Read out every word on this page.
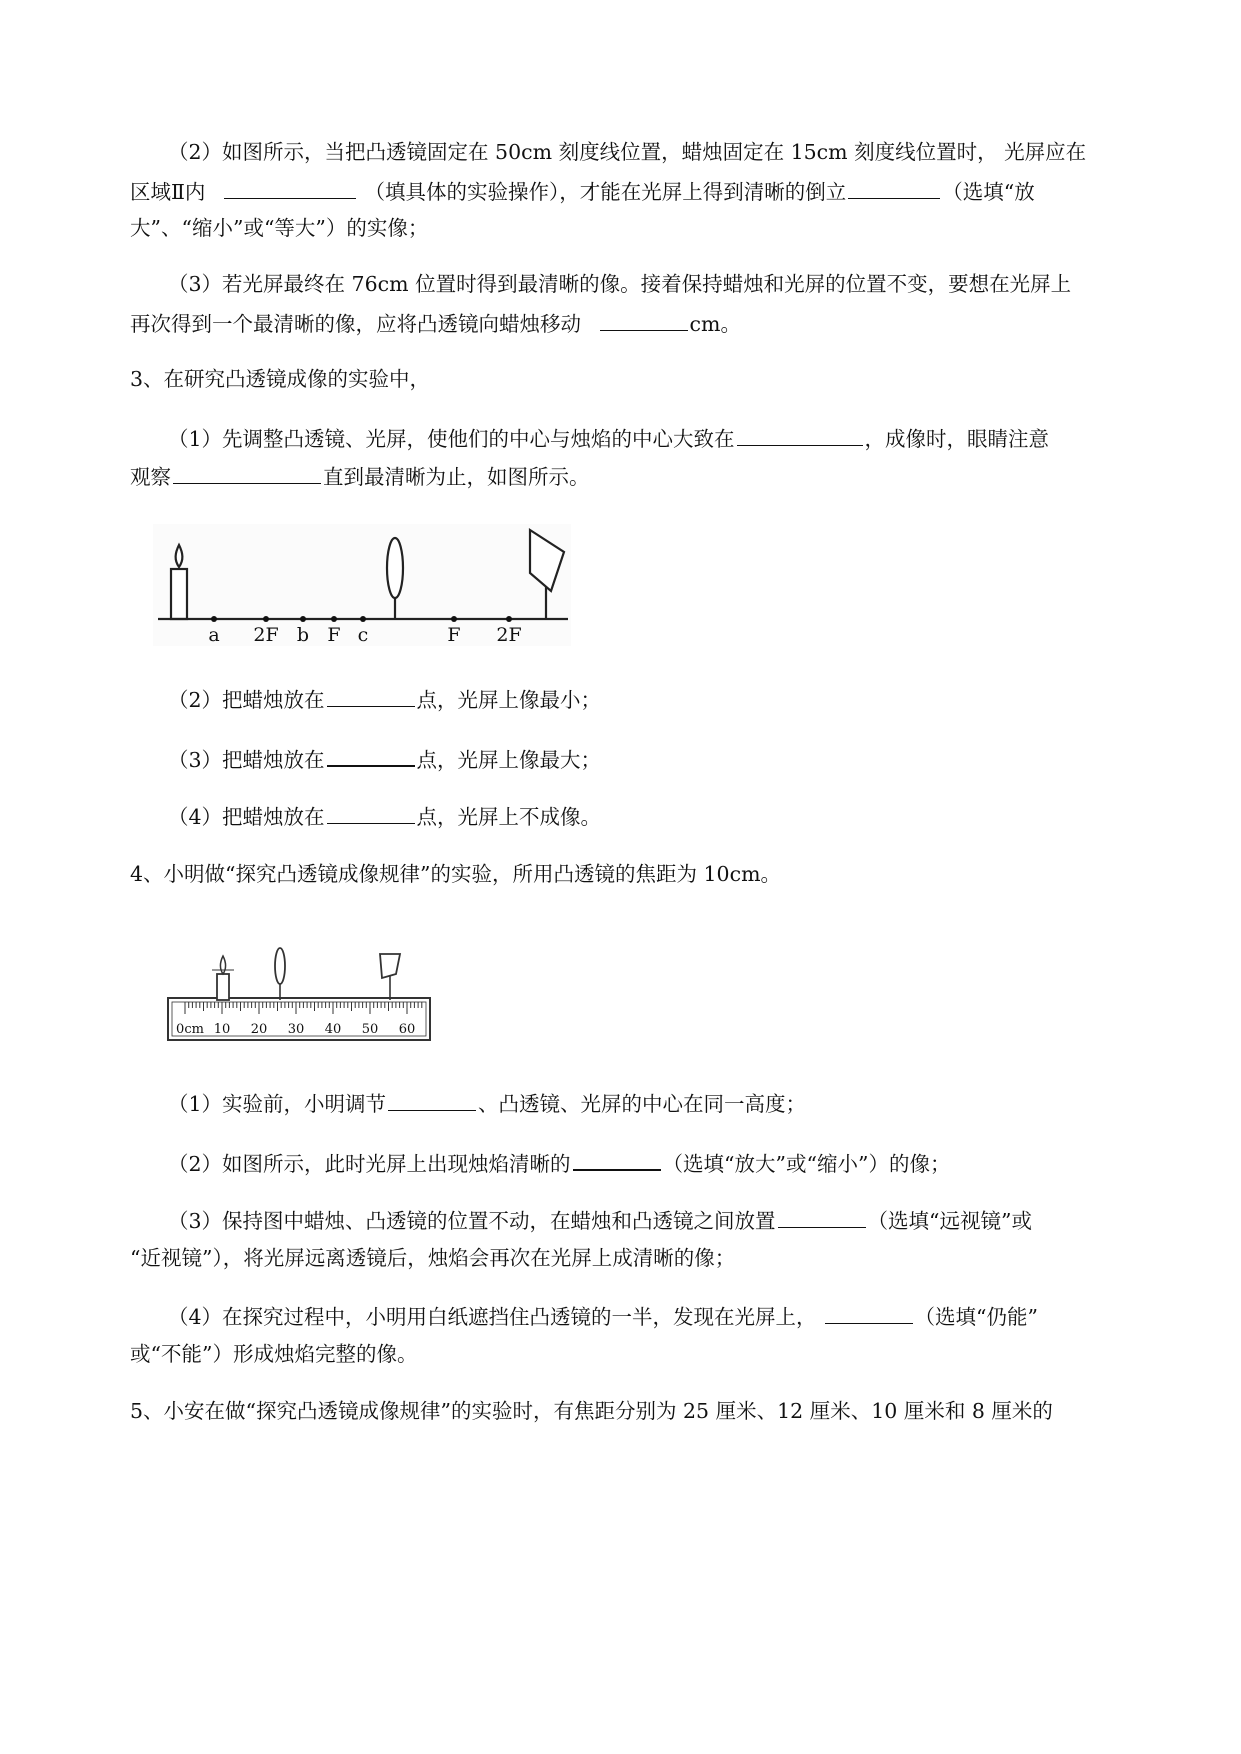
（2）如图所示，当把凸透镜固定在 50cm 刻度线位置，蜡烛固定在 15cm 刻度线位置时， 光屏应在
区域Ⅱ内	（填具体的实验操作），才能在光屏上得到清晰的倒立	（选填“放
大”、“缩小”或“等大”）的实像；
（3）若光屏最终在 76cm 位置时得到最清晰的像。接着保持蜡烛和光屏的位置不变，要想在光屏上
再次得到一个最清晰的像，应将凸透镜向蜡烛移动	cm。
3、在研究凸透镜成像的实验中，
（1）先调整凸透镜、光屏，使他们的中心与烛焰的中心大致在	，成像时，眼睛注意
观察	直到最清晰为止，如图所示。
a 2F b F c	F 2F
（2）把蜡烛放在	点，光屏上像最小；
（3）把蜡烛放在	点，光屏上像最大；
（4）把蜡烛放在	点，光屏上不成像。
4、小明做“探究凸透镜成像规律”的实验，所用凸透镜的焦距为 10cm。
0cm 10 20 30 40 50 60
（1）实验前，小明调节	、凸透镜、光屏的中心在同一高度；
（2）如图所示，此时光屏上出现烛焰清晰的	（选填“放大”或“缩小”）的像；
（3）保持图中蜡烛、凸透镜的位置不动，在蜡烛和凸透镜之间放置	（选填“远视镜”或
“近视镜”），将光屏远离透镜后，烛焰会再次在光屏上成清晰的像；
（4）在探究过程中，小明用白纸遮挡住凸透镜的一半，发现在光屏上，	（选填“仍能”
或“不能”）形成烛焰完整的像。
5、小安在做“探究凸透镜成像规律”的实验时，有焦距分别为 25 厘米、12 厘米、10 厘米和 8 厘米的
